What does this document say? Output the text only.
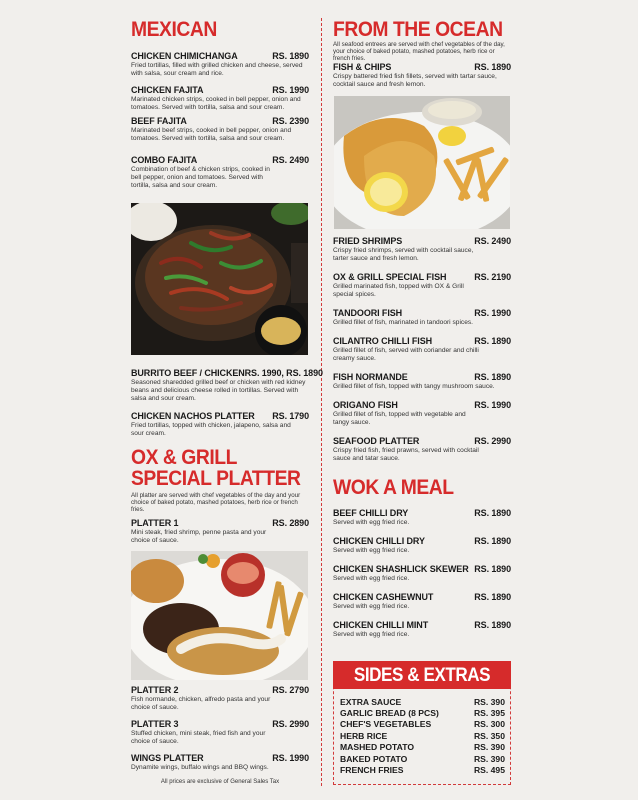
MEXICAN
CHICKEN CHIMICHANGA	RS. 1890
Fried tortillas, filled with grilled chicken and cheese, served with salsa, sour cream and rice.
CHICKEN FAJITA	RS. 1990
Marinated chicken strips, cooked in bell pepper, onion and tomatoes. Served with tortilla, salsa and sour cream.
BEEF FAJITA	RS. 2390
Marinated beef strips, cooked in bell pepper, onion and tomatoes. Served with tortilla, salsa and sour cream.
COMBO FAJITA	RS. 2490
Combination of beef & chicken strips, cooked in bell pepper, onion and tomatoes. Served with tortilla, salsa and sour cream.
BURRITO BEEF / CHICKEN RS. 1990, RS. 1890
Seasoned sharedded grilled beef or chicken with red kidney beans and delicious cheese rolled in tortillas. Served with salsa and sour cream.
CHICKEN NACHOS PLATTER RS. 1790
Fried tortillas, topped with chicken, jalapeno, salsa and sour cream.
OX & GRILL
SPECIAL PLATTER
All platter are served with chef vegetables of the day and your choice of baked potato, mashed potatoes, herb rice or french fries.
PLATTER 1	RS. 2890
Mini steak, fried shrimp, penne pasta and your choice of sauce.
PLATTER 2	RS. 2790
Fish normande, chicken, alfredo pasta and your choice of sauce.
PLATTER 3	RS. 2990
Stuffed chicken, mini steak, fried fish and your choice of sauce.
WINGS PLATTER	RS. 1990
Dynamite wings, buffalo wings and BBQ wings.
All prices are exclusive of General Sales Tax
FROM THE OCEAN
All seafood entrees are served with chef vegetables of the day, your choice of baked potato, mashed potatoes, herb rice or french fries.
FISH & CHIPS	RS. 1890
Crispy battered fried fish fillets, served with tartar sauce, cocktail sauce and fresh lemon.
FRIED SHRIMPS	RS. 2490
Crispy fried shrimps, served with cocktail sauce, tarter sauce and fresh lemon.
OX & GRILL SPECIAL FISH	RS. 2190
Grilled marinated fish, topped with OX & Grill special spices.
TANDOORI FISH	RS. 1990
Grilled fillet of fish, marinated in tandoori spices.
CILANTRO CHILLI FISH	RS. 1890
Grilled fillet of fish, served with coriander and chilli creamy sauce.
FISH NORMANDE	RS. 1890
Grilled fillet of fish, topped with tangy mushroom sauce.
ORIGANO FISH	RS. 1990
Grilled fillet of fish, topped with vegetable and tangy sauce.
SEAFOOD PLATTER	RS. 2990
Crispy fried fish, fried prawns, served with cocktail sauce and tatar sauce.
WOK A MEAL
BEEF CHILLI DRY	RS. 1890
Served with egg fried rice.
CHICKEN CHILLI DRY	RS. 1890
Served with egg fried rice.
CHICKEN SHASHLICK SKEWER RS. 1890
Served with egg fried rice.
CHICKEN CASHEWNUT	RS. 1890
Served with egg fried rice.
CHICKEN CHILLI MINT	RS. 1890
Served with egg fried rice.
SIDES & EXTRAS
EXTRA SAUCE	RS. 390
GARLIC BREAD (8 PCS)	RS. 395
CHEF'S VEGETABLES	RS. 300
HERB RICE	RS. 350
MASHED POTATO	RS. 390
BAKED POTATO	RS. 390
FRENCH FRIES	RS. 495
